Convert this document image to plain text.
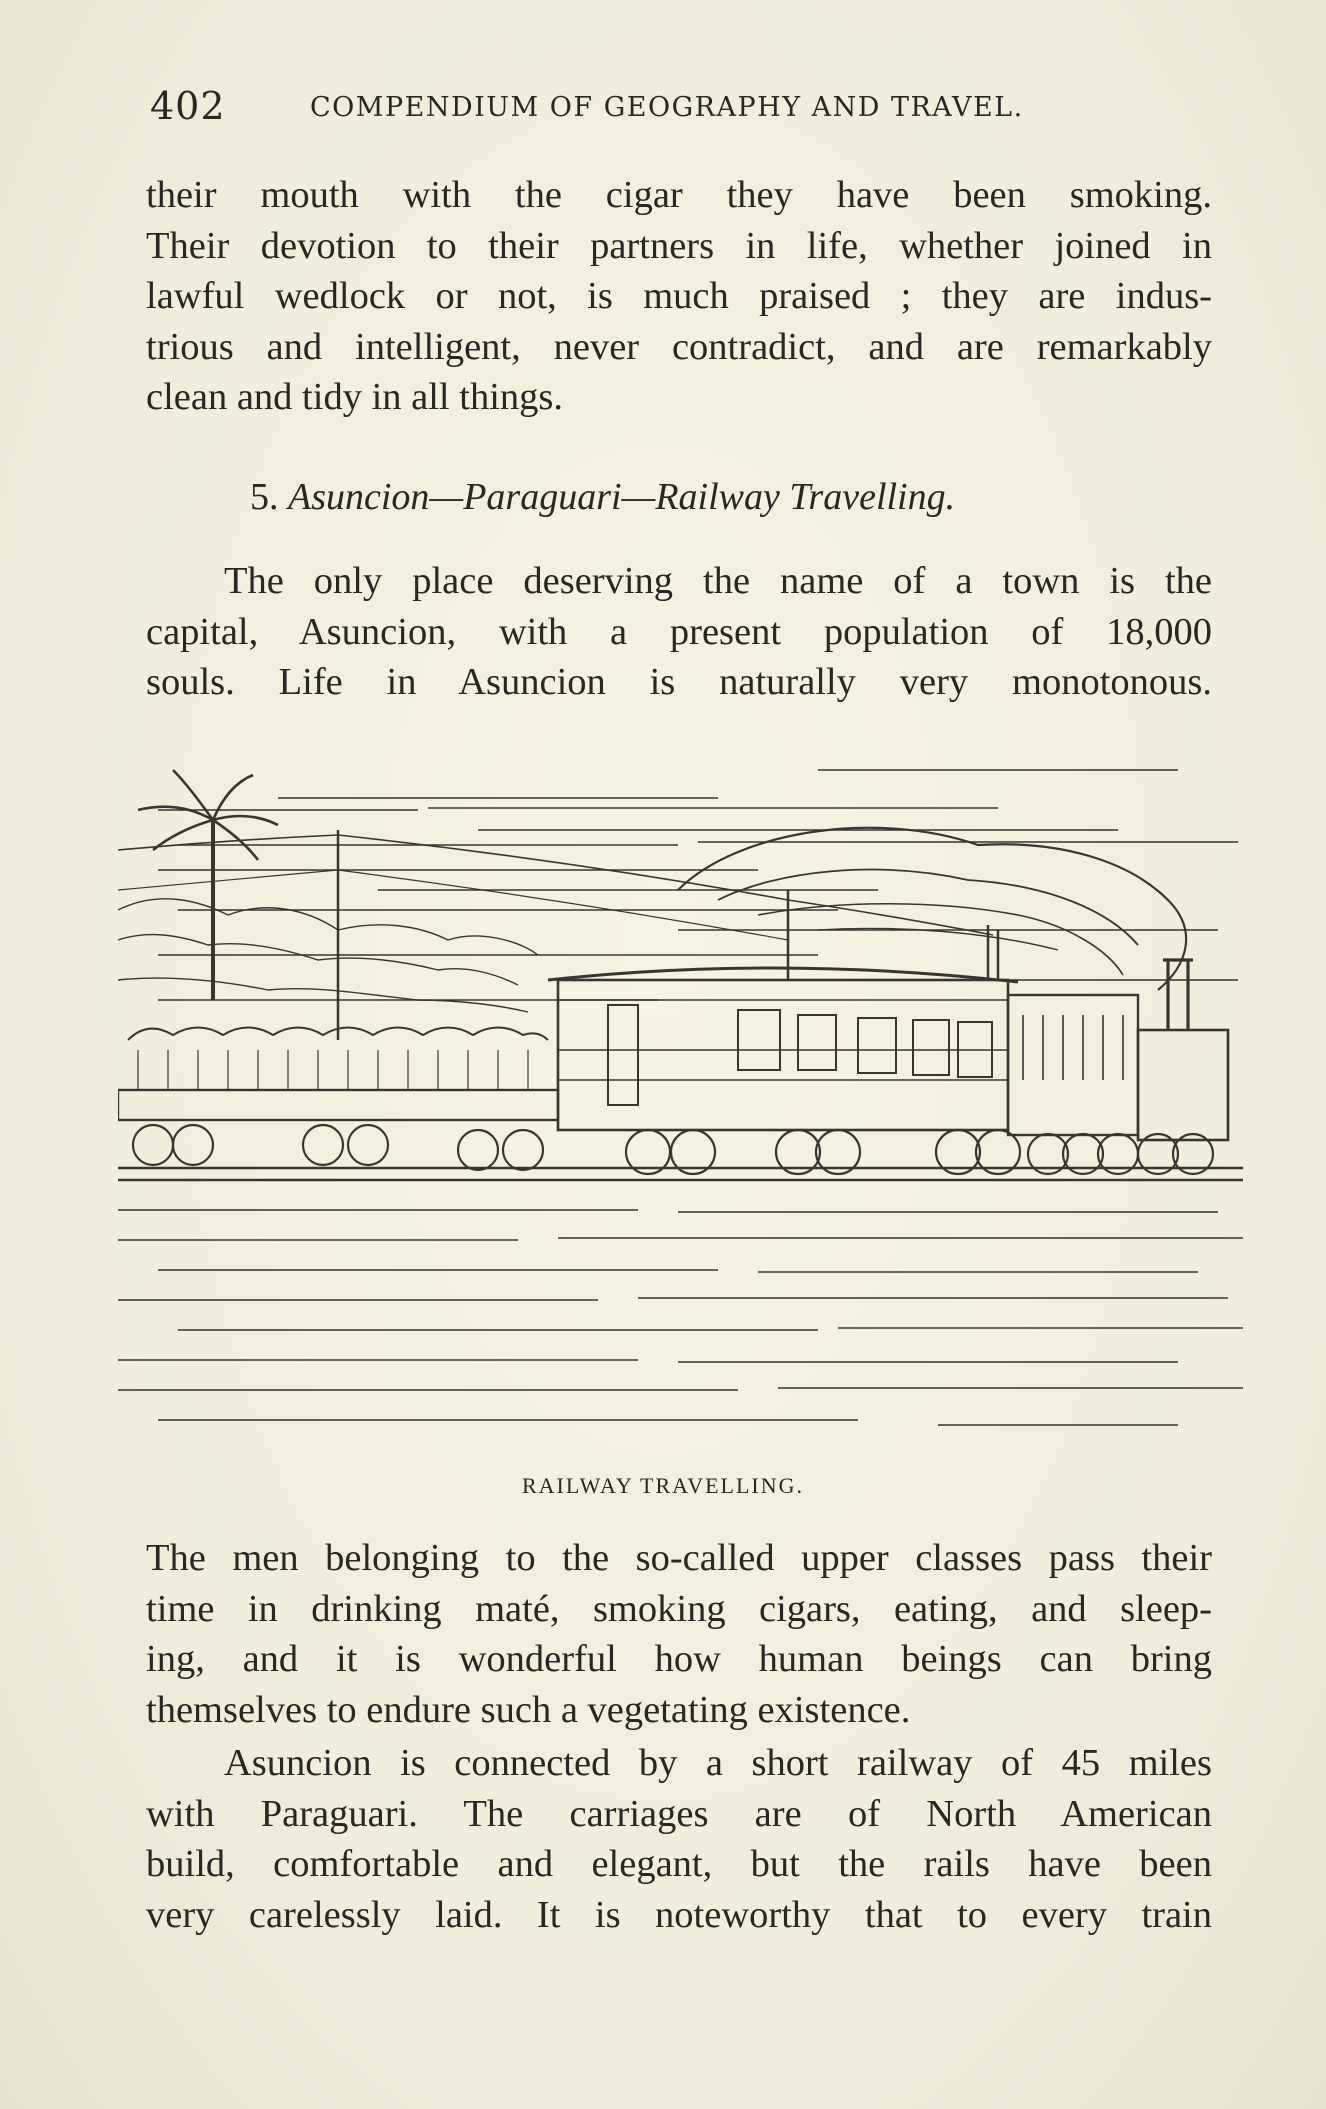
402	COMPENDIUM OF GEOGRAPHY AND TRAVEL.
their mouth with the cigar they have been smoking.
Their devotion to their partners in life, whether joined in
lawful wedlock or not, is much praised ; they are indus-
trious and intelligent, never contradict, and are remarkably
clean and tidy in all things.
5. Asuncion—Paraguari—Railway Travelling.
The only place deserving the name of a town is the
capital, Asuncion, with a present population of 18,000
souls. Life in Asuncion is naturally very monotonous.
RAILWAY TRAVELLING.
The men belonging to the so-called upper classes pass their
time in drinking maté, smoking cigars, eating, and sleep-
ing, and it is wonderful how human beings can bring
themselves to endure such a vegetating existence.
Asuncion is connected by a short railway of 45 miles
with Paraguari. The carriages are of North American
build, comfortable and elegant, but the rails have been
very carelessly laid. It is noteworthy that to every train
